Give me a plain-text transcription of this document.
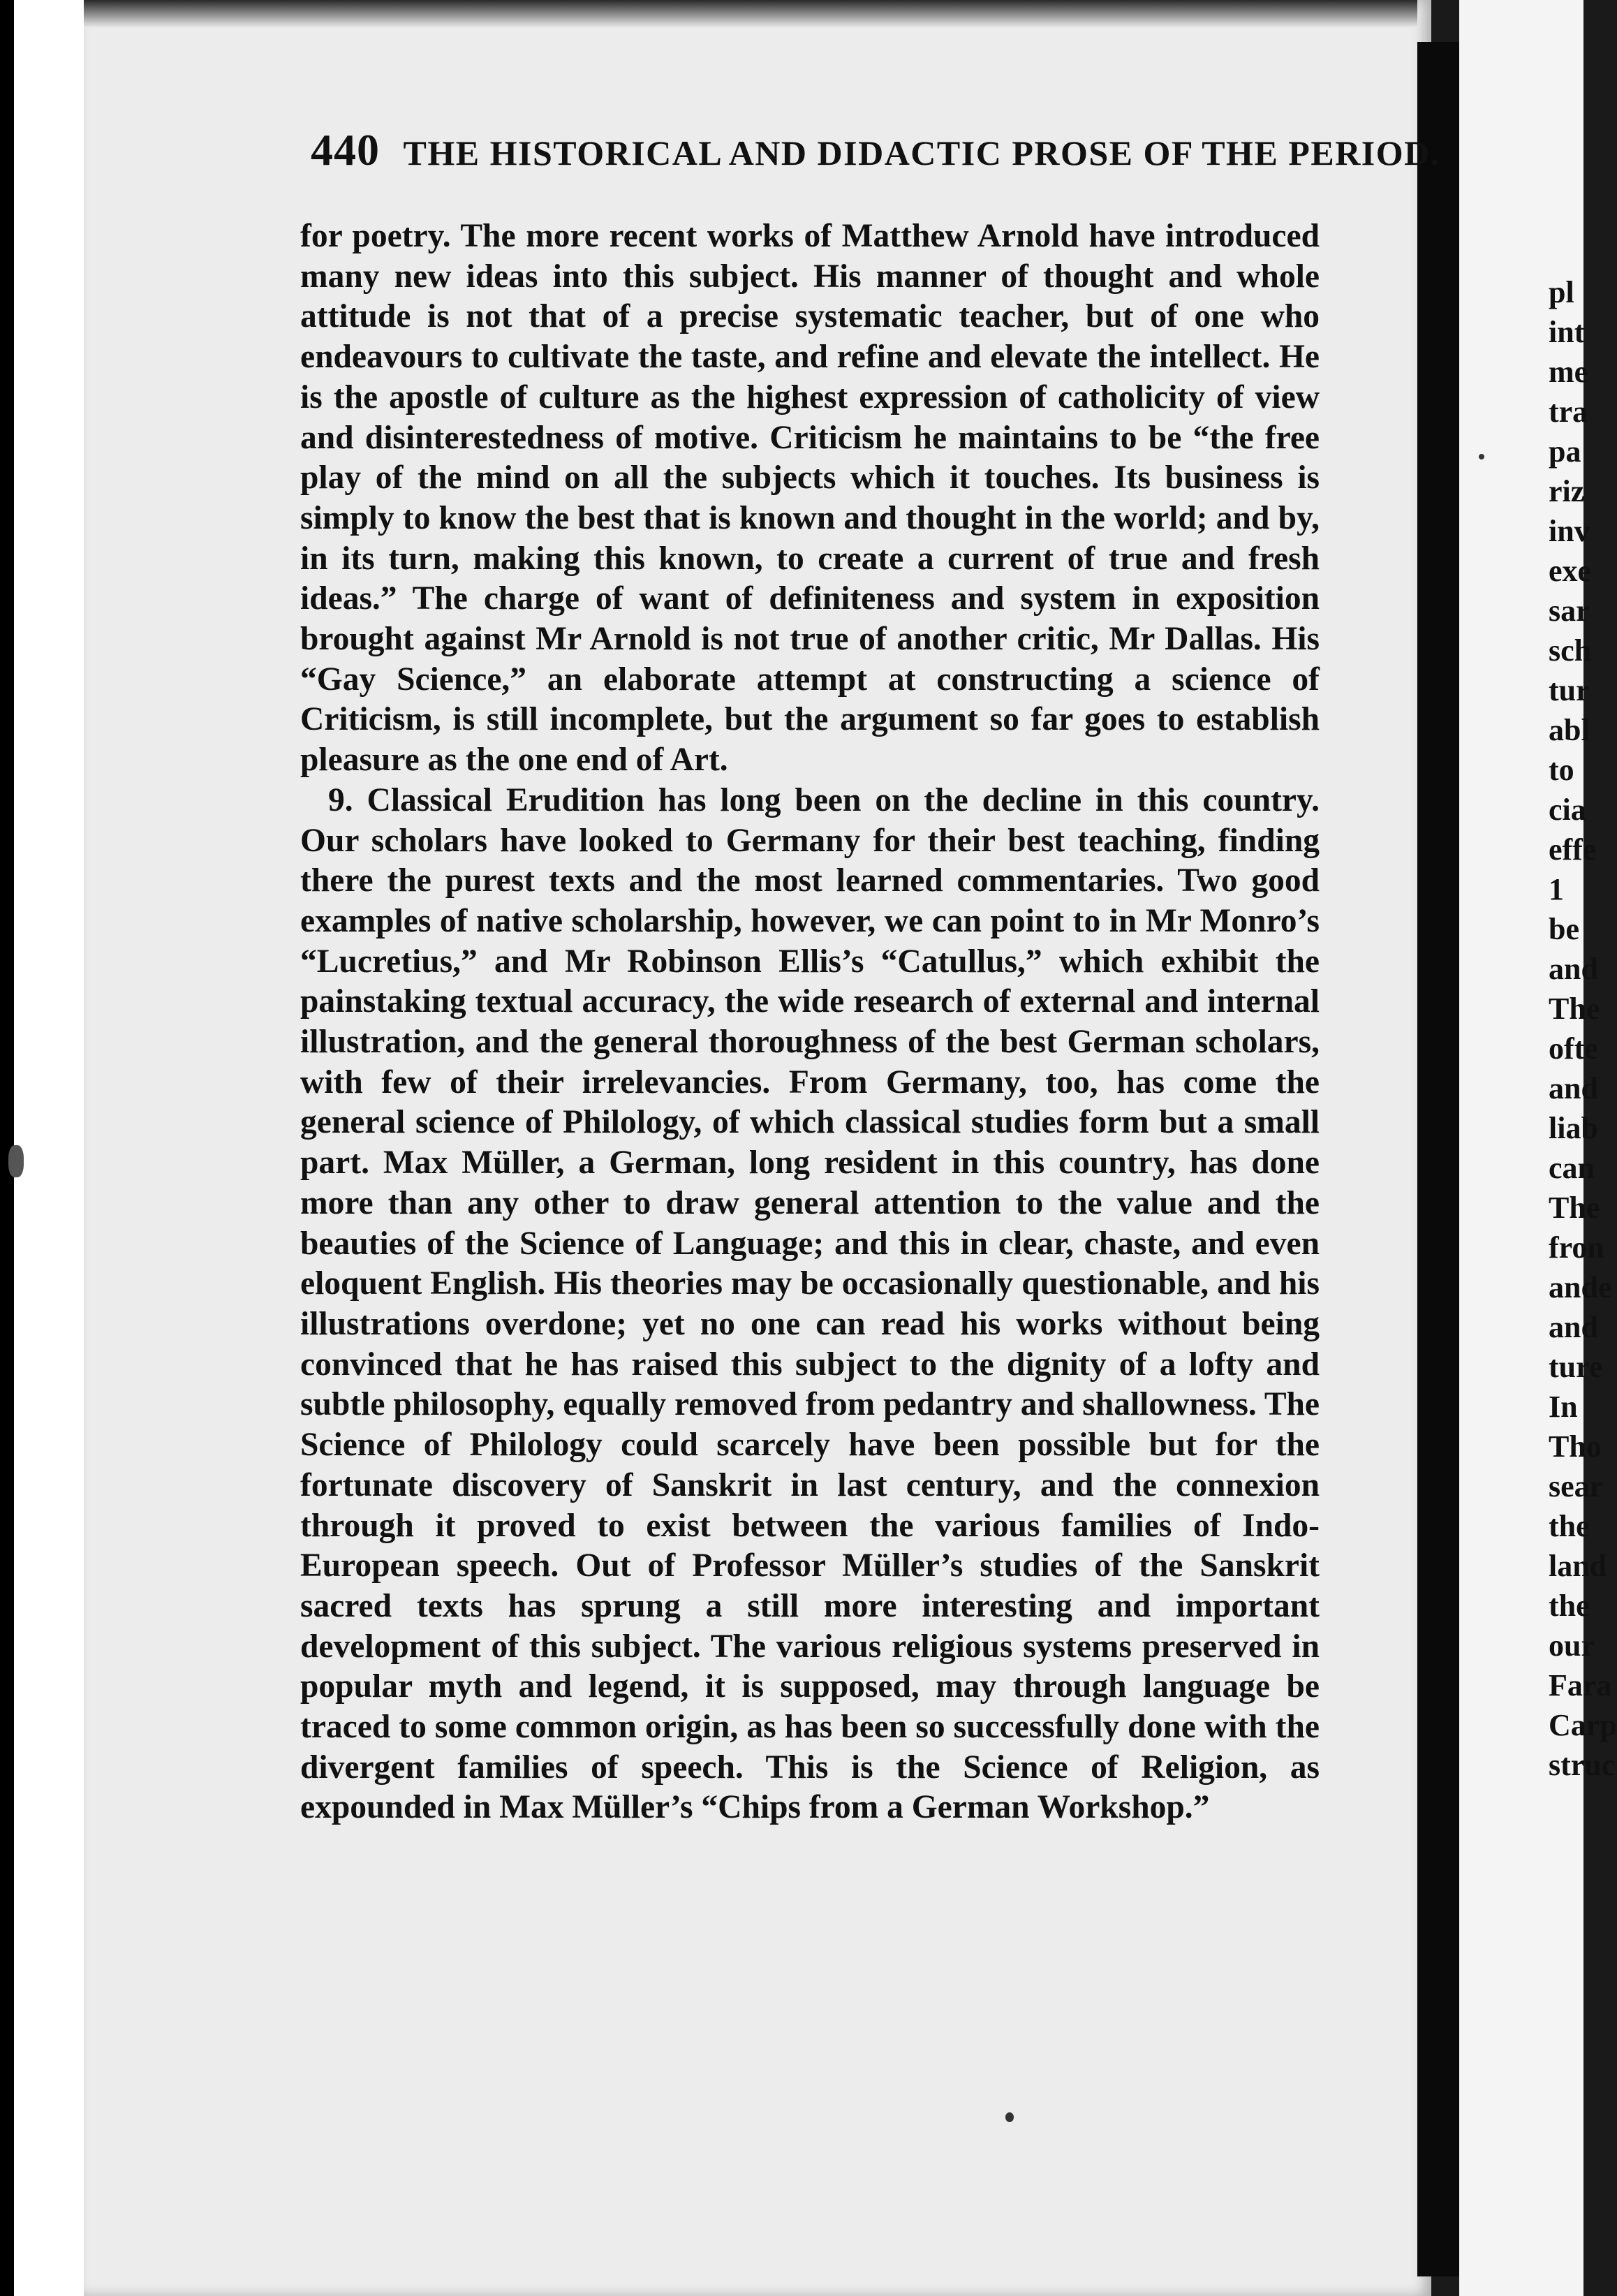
440 THE HISTORICAL AND DIDACTIC PROSE OF THE PERIOD.

for poetry. The more recent works of Matthew Arnold have introduced many new ideas into this subject. His manner of thought and whole attitude is not that of a precise systematic teacher, but of one who endeavours to cultivate the taste, and refine and elevate the intellect. He is the apostle of culture as the highest expression of catholicity of view and disinterestedness of motive. Criticism he maintains to be “the free play of the mind on all the subjects which it touches. Its business is simply to know the best that is known and thought in the world; and by, in its turn, making this known, to create a current of true and fresh ideas.” The charge of want of definiteness and system in exposition brought against Mr Arnold is not true of another critic, Mr Dallas. His “Gay Science,” an elaborate attempt at constructing a science of Criticism, is still incomplete, but the argument so far goes to establish pleasure as the one end of Art.

9. Classical Erudition has long been on the decline in this country. Our scholars have looked to Germany for their best teaching, finding there the purest texts and the most learned commentaries. Two good examples of native scholarship, however, we can point to in Mr Monro’s “Lucretius,” and Mr Robinson Ellis’s “Catullus,” which exhibit the painstaking textual accuracy, the wide research of external and internal illustration, and the general thoroughness of the best German scholars, with few of their irrelevancies. From Germany, too, has come the general science of Philology, of which classical studies form but a small part. Max Müller, a German, long resident in this country, has done more than any other to draw general attention to the value and the beauties of the Science of Language; and this in clear, chaste, and even eloquent English. His theories may be occasionally questionable, and his illustrations overdone; yet no one can read his works without being convinced that he has raised this subject to the dignity of a lofty and subtle philosophy, equally removed from pedantry and shallowness. The Science of Philology could scarcely have been possible but for the fortunate discovery of Sanskrit in last century, and the connexion through it proved to exist between the various families of Indo-European speech. Out of Professor Müller’s studies of the Sanskrit sacred texts has sprung a still more interesting and important development of this subject. The various religious systems preserved in popular myth and legend, it is supposed, may through language be traced to some common origin, as has been so successfully done with the divergent families of speech. This is the Science of Religion, as expounded in Max Müller’s “Chips from a German Workshop.”

pl
int
me
tra
pa
riz
inv
exe
sar
sch
tur
abl
to
cia
effe
1
be
and
The
ofte
and
liab
can
The
fron
ande
and
ture
In
Tho
sear
the
land
the
our
Fara
Carp
struc
